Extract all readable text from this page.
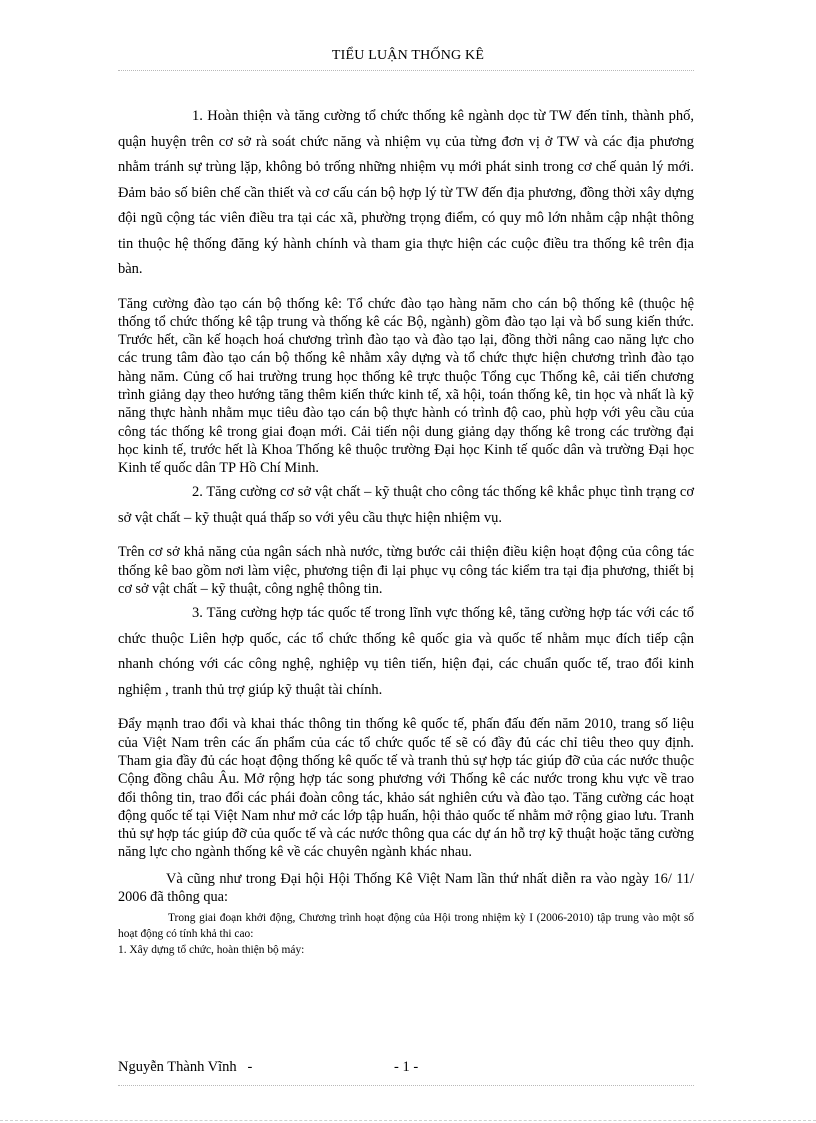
TIỂU LUẬN THỐNG KÊ

1. Hoàn thiện và tăng cường tổ chức thống kê ngành dọc từ TW đến tỉnh, thành phố, quận huyện trên cơ sở rà soát chức năng và nhiệm vụ của từng đơn vị ở TW và các địa phương nhằm tránh sự trùng lặp, không bỏ trống những nhiệm vụ mới phát sinh trong cơ chế quản lý mới. Đảm bảo số biên chế cần thiết và cơ cấu cán bộ hợp lý từ TW đến địa phương, đồng thời xây dựng đội ngũ cộng tác viên điều tra tại các xã, phường trọng điểm, có quy mô lớn nhằm cập nhật thông tin thuộc hệ thống đăng ký hành chính và tham gia thực hiện các cuộc điều tra thống kê trên địa bàn.

Tăng cường đào tạo cán bộ thống kê: Tổ chức đào tạo hàng năm cho cán bộ thống kê (thuộc hệ thống tổ chức thống kê tập trung và thống kê các Bộ, ngành) gồm đào tạo lại và bổ sung kiến thức. Trước hết, cần kế hoạch hoá chương trình đào tạo và đào tạo lại, đồng thời nâng cao năng lực cho các trung tâm đào tạo cán bộ thống kê nhằm xây dựng và tổ chức thực hiện chương trình đào tạo hàng năm. Củng cố hai trường trung học thống kê trực thuộc Tổng cục Thống kê, cải tiến chương trình giảng dạy theo hướng tăng thêm kiến thức kinh tế, xã hội, toán thống kê, tin học và nhất là kỹ năng thực hành nhằm mục tiêu đào tạo cán bộ thực hành có trình độ cao, phù hợp với yêu cầu của công tác thống kê trong giai đoạn mới. Cải tiến nội dung giảng dạy thống kê trong các trường đại học kinh tế, trước hết là Khoa Thống kê thuộc trường Đại học Kinh tế quốc dân và trường Đại học Kinh tế quốc dân TP Hồ Chí Minh.

2. Tăng cường cơ sở vật chất – kỹ thuật cho công tác thống kê khắc phục tình trạng cơ sở vật chất – kỹ thuật quá thấp so với yêu cầu thực hiện nhiệm vụ.

Trên cơ sở khả năng của ngân sách nhà nước, từng bước cải thiện điều kiện hoạt động của công tác thống kê bao gồm nơi làm việc, phương tiện đi lại phục vụ công tác kiểm tra tại địa phương, thiết bị cơ sở vật chất – kỹ thuật, công nghệ thông tin.

3. Tăng cường hợp tác quốc tế trong lĩnh vực thống kê, tăng cường hợp tác với các tổ chức thuộc Liên hợp quốc, các tổ chức thống kê quốc gia và quốc tế nhằm mục đích tiếp cận nhanh chóng với các công nghệ, nghiệp vụ tiên tiến, hiện đại, các chuẩn quốc tế, trao đổi kinh nghiệm , tranh thủ trợ giúp kỹ thuật tài chính.

Đẩy mạnh trao đổi và khai thác thông tin thống kê quốc tế, phấn đấu đến năm 2010, trang số liệu của Việt Nam trên các ấn phẩm của các tổ chức quốc tế sẽ có đầy đủ các chỉ tiêu theo quy định. Tham gia đầy đủ các hoạt động thống kê quốc tế và tranh thủ sự hợp tác giúp đỡ của các nước thuộc Cộng đồng châu Âu. Mở rộng hợp tác song phương với Thống kê các nước trong khu vực về trao đổi thông tin, trao đổi các phái đoàn công tác, khảo sát nghiên cứu và đào tạo. Tăng cường các hoạt động quốc tế tại Việt Nam như mở các lớp tập huấn, hội thảo quốc tế nhằm mở rộng giao lưu. Tranh thủ sự hợp tác giúp đỡ của quốc tế và các nước thông qua các dự án hỗ trợ kỹ thuật hoặc tăng cường năng lực cho ngành thống kê về các chuyên ngành khác nhau.

Và cũng như trong Đại hội Hội Thống Kê Việt Nam lần thứ nhất diễn ra vào ngày 16/ 11/ 2006 đã thông qua:

Trong giai đoạn khởi động, Chương trình hoạt động của Hội trong nhiệm kỳ I (2006-2010) tập trung vào một số hoạt động có tính khả thi cao:

1. Xây dựng tổ chức, hoàn thiện bộ máy:

Nguyễn Thành Vĩnh   -	- 1 -
